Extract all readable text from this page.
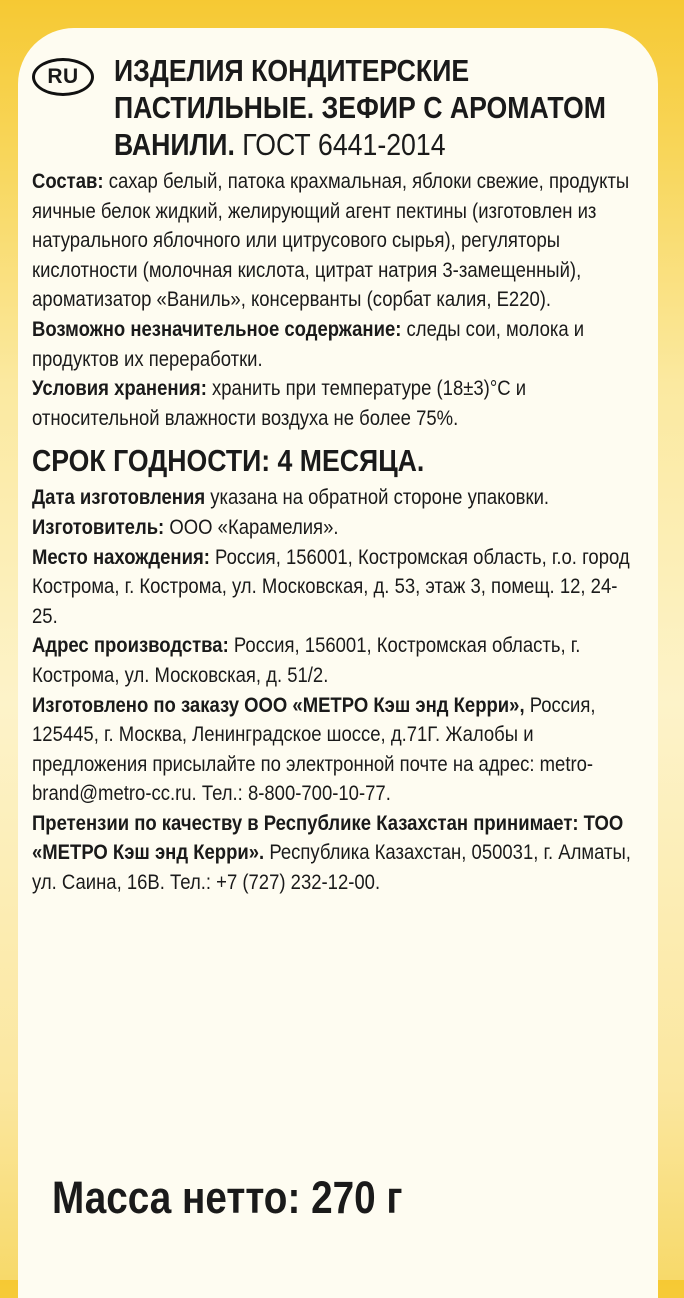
RU	ИЗДЕЛИЯ КОНДИТЕРСКИЕ
ПАСТИЛЬНЫЕ. ЗЕФИР С АРОМАТОМ
ВАНИЛИ. ГОСТ 6441-2014

Состав: сахар белый, патока крахмальная, яблоки свежие, продукты яичные белок жидкий, желирующий агент пектины (изготовлен из натурального яблочного или цитрусового сырья), регуляторы кислотности (молочная кислота, цитрат натрия 3-замещенный), ароматизатор «Ваниль», консерванты (сорбат калия, Е220).

Возможно незначительное содержание: следы сои, молока и продуктов их переработки.

Условия хранения: хранить при температуре (18±3)°С и относительной влажности воздуха не более 75%.

СРОК ГОДНОСТИ: 4 МЕСЯЦА.

Дата изготовления указана на обратной стороне упаковки.

Изготовитель: ООО «Карамелия».

Место нахождения: Россия, 156001, Костромская область, г.о. город Кострома, г. Кострома, ул. Московская, д. 53, этаж 3, помещ. 12, 24-25.

Адрес производства: Россия, 156001, Костромская область, г. Кострома, ул. Московская, д. 51/2.

Изготовлено по заказу ООО «МЕТРО Кэш энд Керри», Россия, 125445, г. Москва, Ленинградское шоссе, д.71Г. Жалобы и предложения присылайте по электронной почте на адрес: metro-brand@metro-cc.ru. Тел.: 8-800-700-10-77.

Претензии по качеству в Республике Казахстан принимает: ТОО «МЕТРО Кэш энд Керри». Республика Казахстан, 050031, г. Алматы, ул. Саина, 16В. Тел.: +7 (727) 232-12-00.

Масса нетто: 270 г
